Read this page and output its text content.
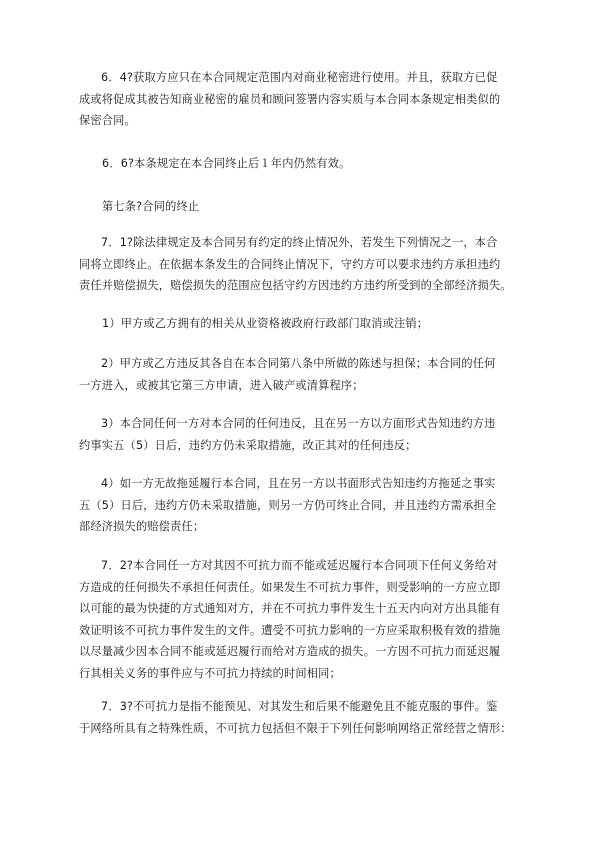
6．4?获取方应只在本合同规定范围内对商业秘密进行使用。并且，获取方已促
成或将促成其被告知商业秘密的雇员和顾问签署内容实质与本合同本条规定相类似的
保密合同。

6．6?本条规定在本合同终止后１年内仍然有效。

第七条?合同的终止

7．1?除法律规定及本合同另有约定的终止情况外，若发生下列情况之一，本合
同将立即终止。在依据本条发生的合同终止情况下，守约方可以要求违约方承担违约
责任并赔偿损失，赔偿损失的范围应包括守约方因违约方违约所受到的全部经济损失。

1）甲方或乙方拥有的相关从业资格被政府行政部门取消或注销；

2）甲方或乙方违反其各自在本合同第八条中所做的陈述与担保；本合同的任何
一方进入，或被其它第三方申请，进入破产或清算程序；

3）本合同任何一方对本合同的任何违反，且在另一方以方面形式告知违约方违
约事实五（5）日后，违约方仍未采取措施，改正其对的任何违反；

4）如一方无故拖延履行本合同，且在另一方以书面形式告知违约方拖延之事实
五（5）日后，违约方仍未采取措施，则另一方仍可终止合同，并且违约方需承担全
部经济损失的赔偿责任；

7．2?本合同任一方对其因不可抗力而不能或延迟履行本合同项下任何义务给对
方造成的任何损失不承担任何责任。如果发生不可抗力事件，则受影响的一方应立即
以可能的最为快捷的方式通知对方，并在不可抗力事件发生十五天内向对方出具能有
效证明该不可抗力事件发生的文件。遭受不可抗力影响的一方应采取积极有效的措施
以尽量减少因本合同不能或延迟履行而给对方造成的损失。一方因不可抗力而延迟履
行其相关义务的事件应与不可抗力持续的时间相同；

7．3?不可抗力是指不能预见、对其发生和后果不能避免且不能克服的事件。鉴
于网络所具有之特殊性质，不可抗力包括但不限于下列任何影响网络正常经营之情形：
